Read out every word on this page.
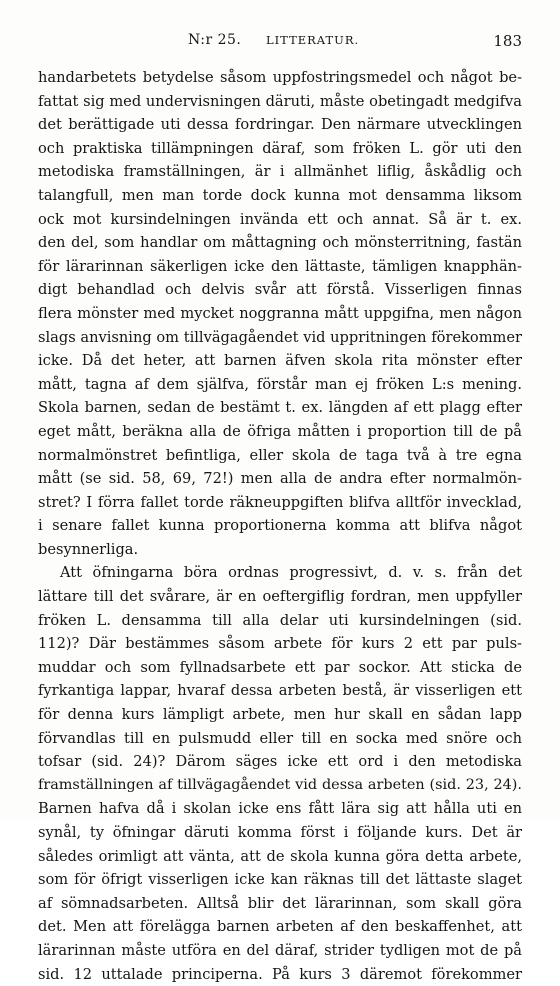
N:r 25. LITTERATUR.	183
handarbetets betydelse såsom uppfostringsmedel och något be-
fattat sig med undervisningen däruti, måste obetingadt medgifva
det berättigade uti dessa fordringar. Den närmare utvecklingen
och praktiska tillämpningen däraf, som fröken L. gör uti den
metodiska framställningen, är i allmänhet liflig, åskådlig och
talangfull, men man torde dock kunna mot densamma liksom
ock mot kursindelningen invända ett och annat. Så är t. ex.
den del, som handlar om måttagning och mönsterritning, fastän
för lärarinnan säkerligen icke den lättaste, tämligen knapphän-
digt behandlad och delvis svår att förstå. Visserligen finnas
flera mönster med mycket noggranna mått uppgifna, men någon
slags anvisning om tillvägagåendet vid uppritningen förekommer
icke. Då det heter, att barnen äfven skola rita mönster efter
mått, tagna af dem själfva, förstår man ej fröken L:s mening.
Skola barnen, sedan de bestämt t. ex. längden af ett plagg efter
eget mått, beräkna alla de öfriga måtten i proportion till de på
normalmönstret befintliga, eller skola de taga två à tre egna
mått (se sid. 58, 69, 72!) men alla de andra efter normalmön-
stret? I förra fallet torde räkneuppgiften blifva alltför invecklad,
i senare fallet kunna proportionerna komma att blifva något
besynnerliga.
Att öfningarna böra ordnas progressivt, d. v. s. från det
lättare till det svårare, är en oeftergiflig fordran, men uppfyller
fröken L. densamma till alla delar uti kursindelningen (sid.
112)? Där bestämmes såsom arbete för kurs 2 ett par puls-
muddar och som fyllnadsarbete ett par sockor. Att sticka de
fyrkantiga lappar, hvaraf dessa arbeten bestå, är visserligen ett
för denna kurs lämpligt arbete, men hur skall en sådan lapp
förvandlas till en pulsmudd eller till en socka med snöre och
tofsar (sid. 24)? Därom säges icke ett ord i den metodiska
framställningen af tillvägagåendet vid dessa arbeten (sid. 23, 24).
Barnen hafva då i skolan icke ens fått lära sig att hålla uti en
synål, ty öfningar däruti komma först i följande kurs. Det är
således orimligt att vänta, att de skola kunna göra detta arbete,
som för öfrigt visserligen icke kan räknas till det lättaste slaget
af sömnadsarbeten. Alltså blir det lärarinnan, som skall göra
det. Men att förelägga barnen arbeten af den beskaffenhet, att
lärarinnan måste utföra en del däraf, strider tydligen mot de på
sid. 12 uttalade principerna. På kurs 3 däremot förekommer
